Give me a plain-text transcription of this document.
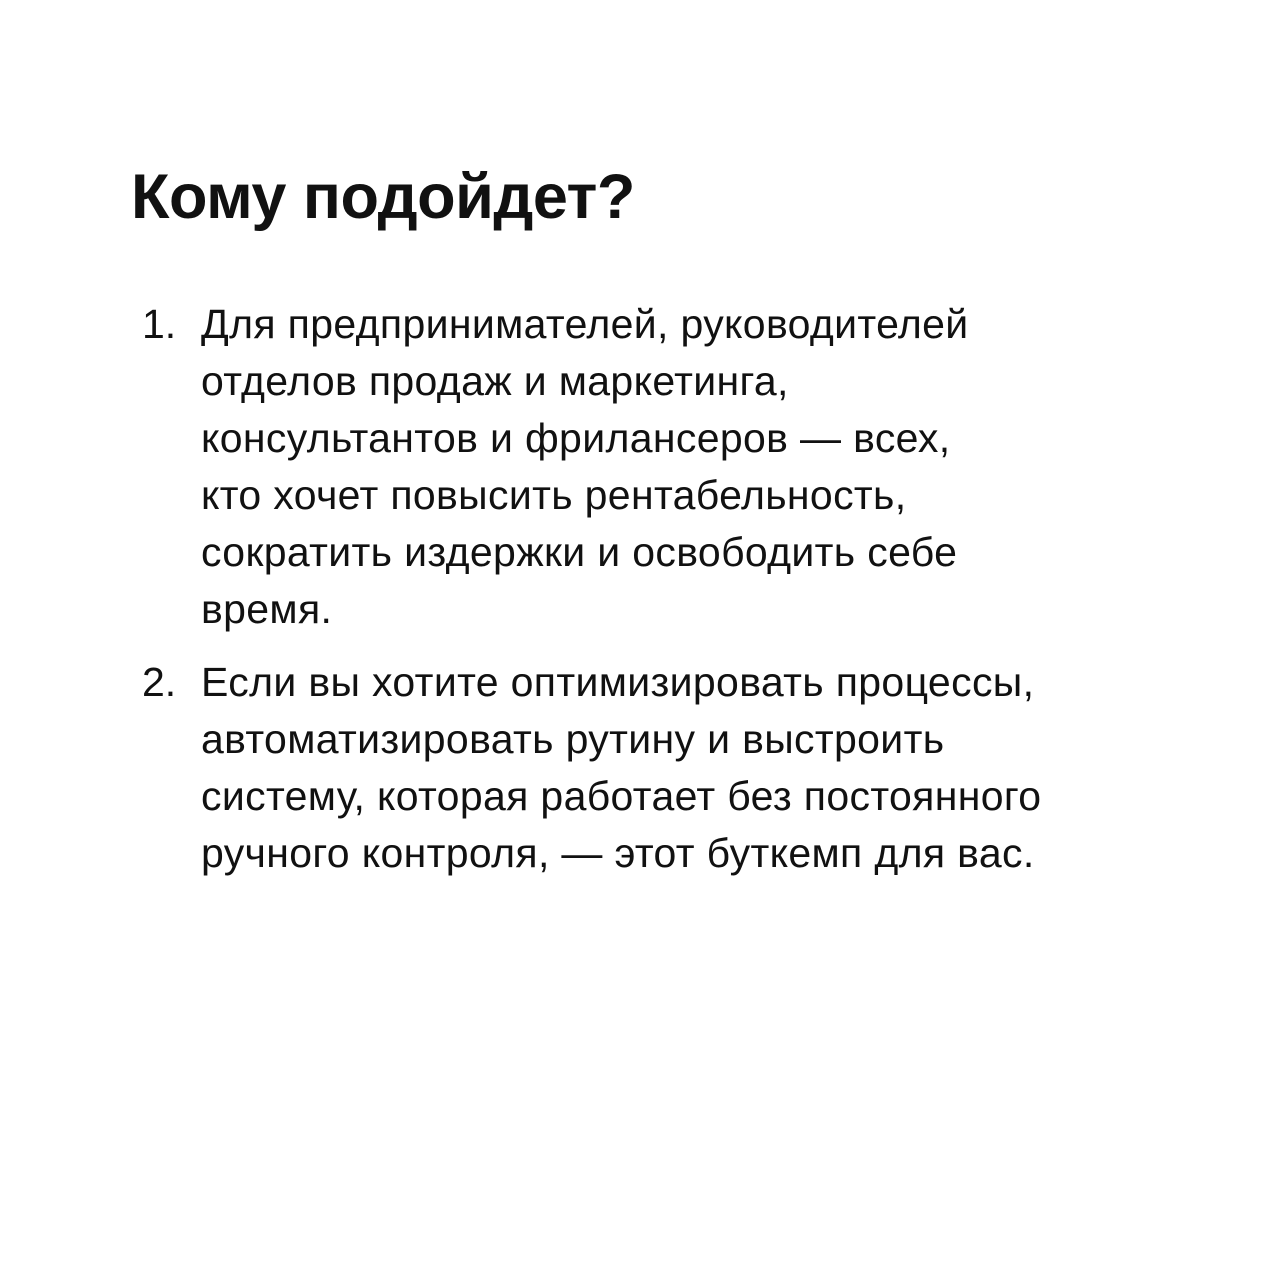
Кому подойдет?
1. Для предпринимателей, руководителей
отделов продаж и маркетинга,
консультантов и фрилансеров — всех,
кто хочет повысить рентабельность,
сократить издержки и освободить себе
время.
2. Если вы хотите оптимизировать процессы,
автоматизировать рутину и выстроить
систему, которая работает без постоянного
ручного контроля, — этот буткемп для вас.
